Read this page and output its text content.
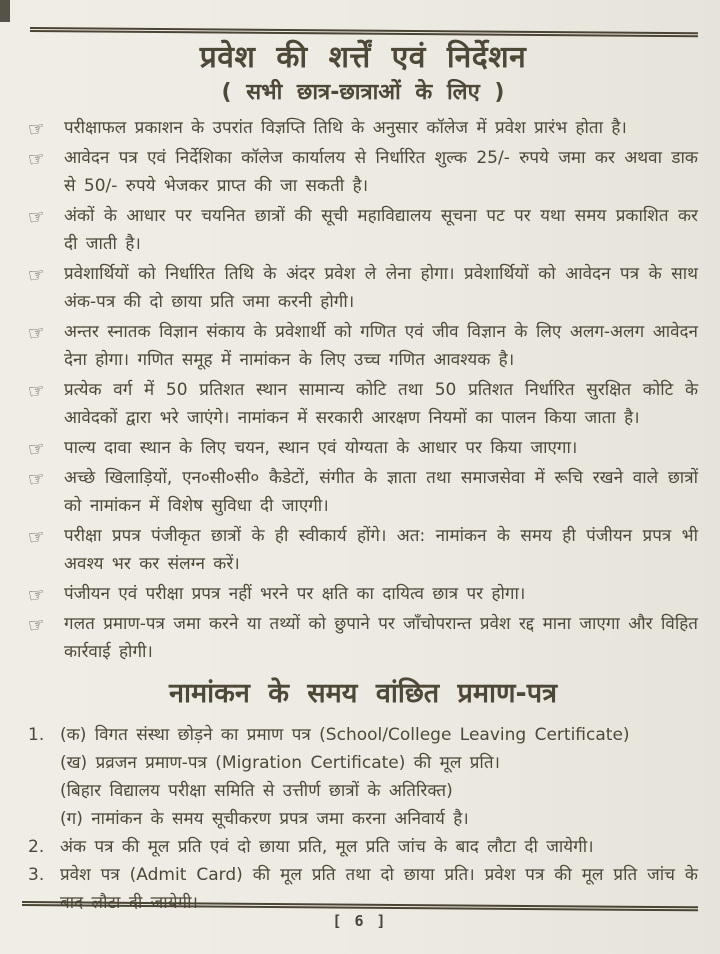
प्रवेश की शर्त्तें एवं निर्देशन
( सभी छात्र-छात्राओं के लिए )
☞	परीक्षाफल प्रकाशन के उपरांत विज्ञप्ति तिथि के अनुसार कॉलेज में प्रवेश प्रारंभ होता है।
☞	आवेदन पत्र एवं निर्देशिका कॉलेज कार्यालय से निर्धारित शुल्क 25/- रुपये जमा कर अथवा डाक से 50/- रुपये भेजकर प्राप्त की जा सकती है।
☞	अंकों के आधार पर चयनित छात्रों की सूची महाविद्यालय सूचना पट पर यथा समय प्रकाशित कर दी जाती है।
☞	प्रवेशार्थियों को निर्धारित तिथि के अंदर प्रवेश ले लेना होगा। प्रवेशार्थियों को आवेदन पत्र के साथ अंक-पत्र की दो छाया प्रति जमा करनी होगी।
☞	अन्तर स्नातक विज्ञान संकाय के प्रवेशार्थी को गणित एवं जीव विज्ञान के लिए अलग-अलग आवेदन देना होगा। गणित समूह में नामांकन के लिए उच्च गणित आवश्यक है।
☞	प्रत्येक वर्ग में 50 प्रतिशत स्थान सामान्य कोटि तथा 50 प्रतिशत निर्धारित सुरक्षित कोटि के आवेदकों द्वारा भरे जाएंगे। नामांकन में सरकारी आरक्षण नियमों का पालन किया जाता है।
☞	पाल्य दावा स्थान के लिए चयन, स्थान एवं योग्यता के आधार पर किया जाएगा।
☞	अच्छे खिलाड़ियों, एन०सी०सी० कैडेटों, संगीत के ज्ञाता तथा समाजसेवा में रूचि रखने वाले छात्रों को नामांकन में विशेष सुविधा दी जाएगी।
☞	परीक्षा प्रपत्र पंजीकृत छात्रों के ही स्वीकार्य होंगे। अत: नामांकन के समय ही पंजीयन प्रपत्र भी अवश्य भर कर संलग्न करें।
☞	पंजीयन एवं परीक्षा प्रपत्र नहीं भरने पर क्षति का दायित्व छात्र पर होगा।
☞	गलत प्रमाण-पत्र जमा करने या तथ्यों को छुपाने पर जाँचोपरान्त प्रवेश रद्द माना जाएगा और विहित कार्रवाई होगी।
नामांकन के समय वांछित प्रमाण-पत्र
1. (क) विगत संस्था छोड़ने का प्रमाण पत्र (School/College Leaving Certificate)
(ख) प्रव्रजन प्रमाण-पत्र (Migration Certificate) की मूल प्रति।
(बिहार विद्यालय परीक्षा समिति से उत्तीर्ण छात्रों के अतिरिक्त)
(ग) नामांकन के समय सूचीकरण प्रपत्र जमा करना अनिवार्य है।
2. अंक पत्र की मूल प्रति एवं दो छाया प्रति, मूल प्रति जांच के बाद लौटा दी जायेगी।
3. प्रवेश पत्र (Admit Card) की मूल प्रति तथा दो छाया प्रति। प्रवेश पत्र की मूल प्रति जांच के बाद लौटा दी जायेगी।
[ 6 ]
